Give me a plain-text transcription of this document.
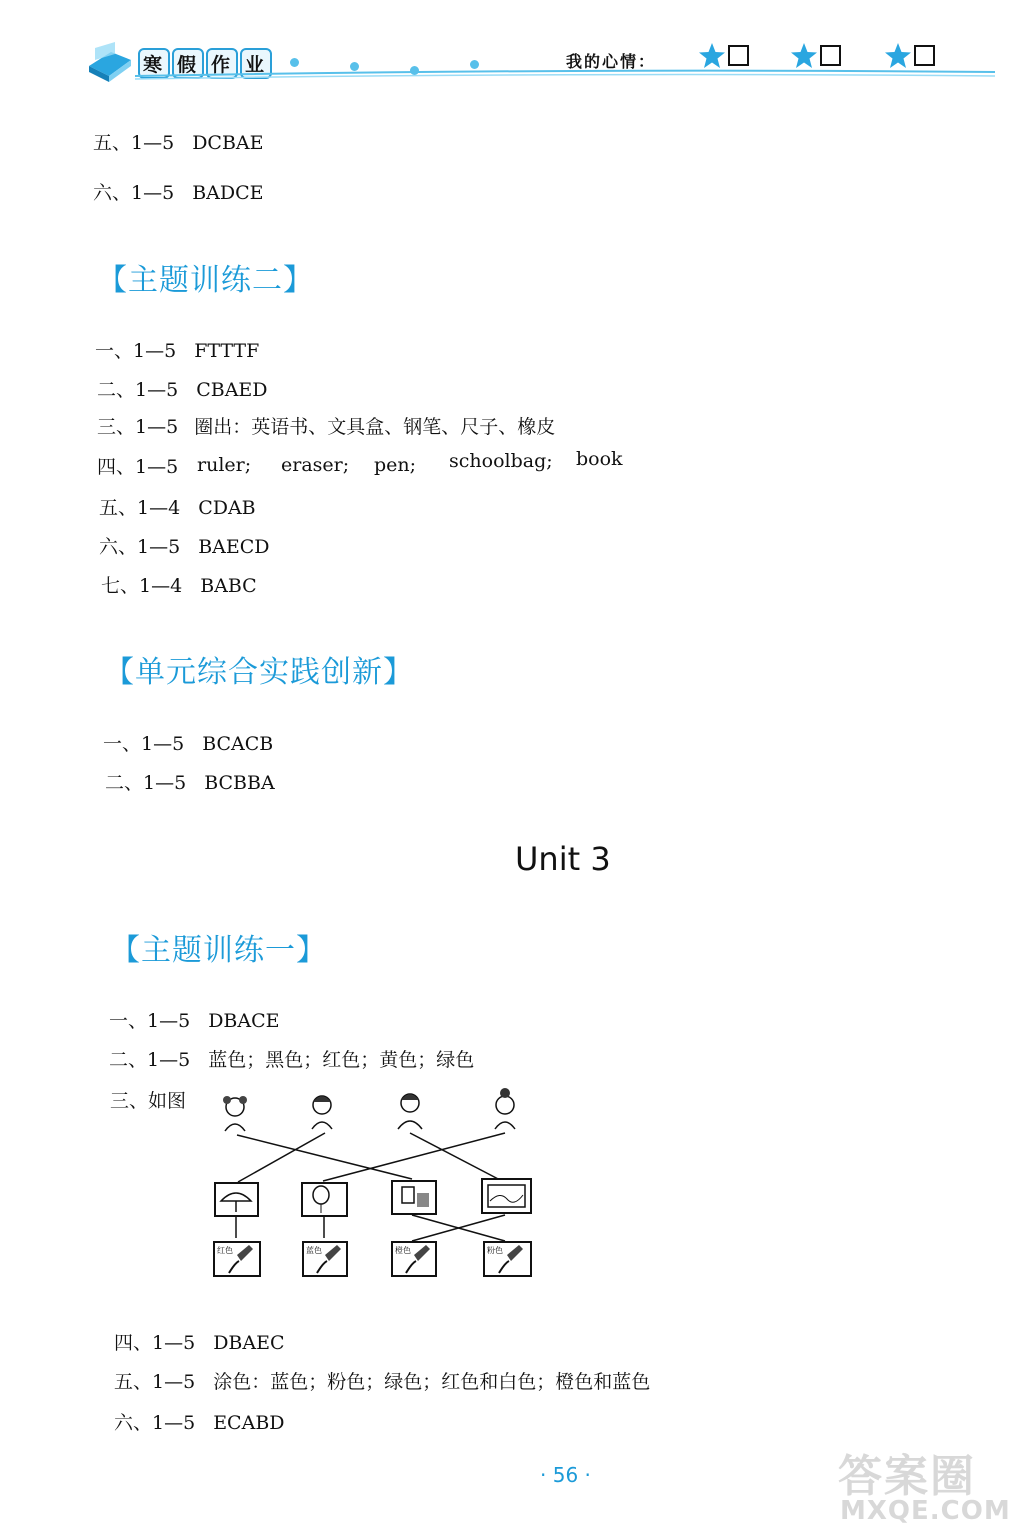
寒 假 作 业	我的心情：
五、1—5 DCBAE
六、1—5 BADCE
【主题训练二】
一、1—5 FTTTF
二、1—5 CBAED
三、1—5 圈出：英语书、文具盒、钢笔、尺子、橡皮
四、1—5 ruler; eraser; pen; schoolbag; book
五、1—4 CDAB
六、1—5 BAECD
七、1—4 BABC
【单元综合实践创新】
一、1—5 BCACB
二、1—5 BCBBA
Unit 3
【主题训练一】
一、1—5 DBACE
二、1—5 蓝色；黑色；红色；黄色；绿色
三、如图
红色	蓝色	橙色	粉色
四、1—5 DBAEC
五、1—5 涂色：蓝色；粉色；绿色；红色和白色；橙色和蓝色
六、1—5 ECABD
· 56 ·	答案圈
MXQE.COM
